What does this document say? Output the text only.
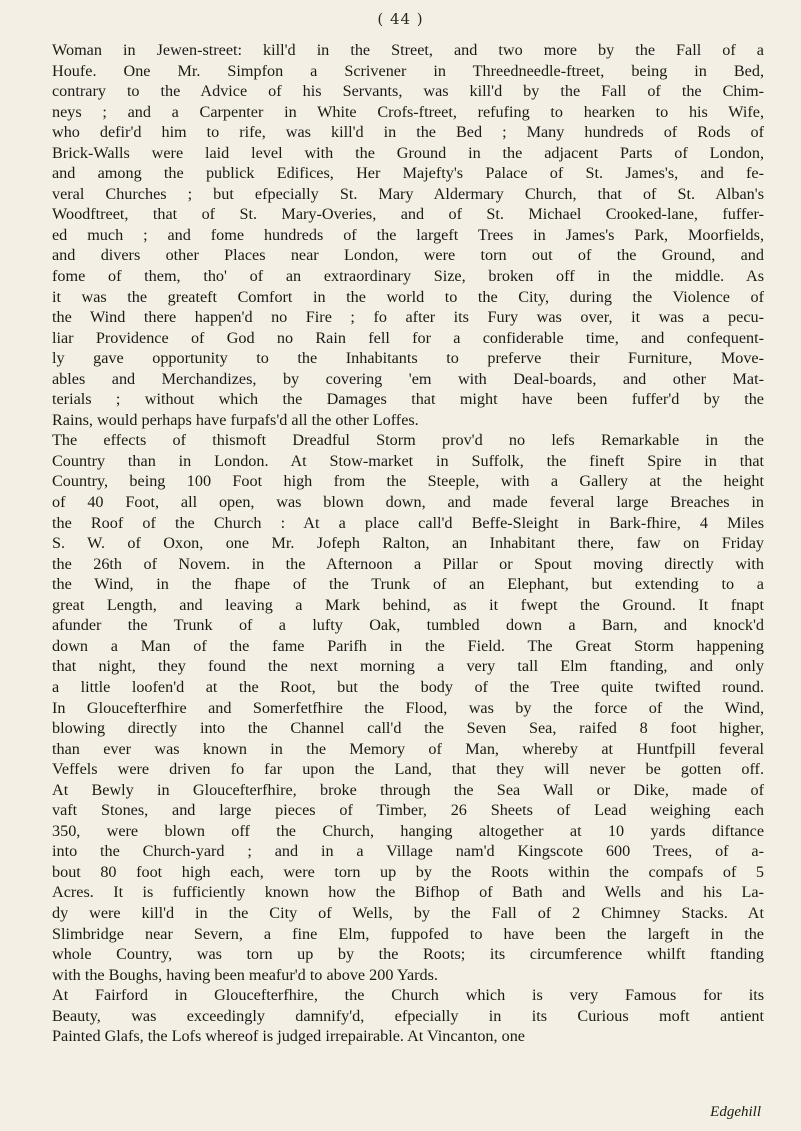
( 44 )
Woman in Jewen-street: kill'd in the Street, and two more by the Fall of a
Houfe. One Mr. Simpfon a Scrivener in Threedneedle-ftreet, being in Bed,
contrary to the Advice of his Servants, was kill'd by the Fall of the Chim-
neys ; and a Carpenter in White Crofs-ftreet, refufing to hearken to his Wife,
who defir'd him to rife, was kill'd in the Bed ; Many hundreds of Rods of
Brick-Walls were laid level with the Ground in the adjacent Parts of London,
and among the publick Edifices, Her Majefty's Palace of St. James's, and fe-
veral Churches ; but efpecially St. Mary Aldermary Church, that of St. Alban's
Woodftreet, that of St. Mary-Overies, and of St. Michael Crooked-lane, fuffer-
ed much ; and fome hundreds of the largeft Trees in James's Park, Moorfields,
and divers other Places near London, were torn out of the Ground, and
fome of them, tho' of an extraordinary Size, broken off in the middle. As
it was the greateft Comfort in the world to the City, during the Violence of
the Wind there happen'd no Fire ; fo after its Fury was over, it was a pecu-
liar Providence of God no Rain fell for a confiderable time, and confequent-
ly gave opportunity to the Inhabitants to preferve their Furniture, Move-
ables and Merchandizes, by covering 'em with Deal-boards, and other Mat-
terials ; without which the Damages that might have been fuffer'd by the
Rains, would perhaps have furpafs'd all the other Loffes.
The effects of thismoft Dreadful Storm prov'd no lefs Remarkable in the
Country than in London. At Stow-market in Suffolk, the fineft Spire in that
Country, being 100 Foot high from the Steeple, with a Gallery at the height
of 40 Foot, all open, was blown down, and made feveral large Breaches in
the Roof of the Church : At a place call'd Beffe-Sleight in Bark-fhire, 4 Miles
S. W. of Oxon, one Mr. Jofeph Ralton, an Inhabitant there, faw on Friday
the 26th of Novem. in the Afternoon a Pillar or Spout moving directly with
the Wind, in the fhape of the Trunk of an Elephant, but extending to a
great Length, and leaving a Mark behind, as it fwept the Ground. It fnapt
afunder the Trunk of a lufty Oak, tumbled down a Barn, and knock'd
down a Man of the fame Parifh in the Field. The Great Storm happening
that night, they found the next morning a very tall Elm ftanding, and only
a little loofen'd at the Root, but the body of the Tree quite twifted round.
In Gloucefterfhire and Somerfetfhire the Flood, was by the force of the Wind,
blowing directly into the Channel call'd the Seven Sea, raifed 8 foot higher,
than ever was known in the Memory of Man, whereby at Huntfpill feveral
Veffels were driven fo far upon the Land, that they will never be gotten off.
At Bewly in Gloucefterfhire, broke through the Sea Wall or Dike, made of
vaft Stones, and large pieces of Timber, 26 Sheets of Lead weighing each
350, were blown off the Church, hanging altogether at 10 yards diftance
into the Church-yard ; and in a Village nam'd Kingscote 600 Trees, of a-
bout 80 foot high each, were torn up by the Roots within the compafs of 5
Acres. It is fufficiently known how the Bifhop of Bath and Wells and his La-
dy were kill'd in the City of Wells, by the Fall of 2 Chimney Stacks. At
Slimbridge near Severn, a fine Elm, fuppofed to have been the largeft in the
whole Country, was torn up by the Roots; its circumference whilft ftanding
with the Boughs, having been meafur'd to above 200 Yards.
At Fairford in Gloucefterfhire, the Church which is very Famous for its
Beauty, was exceedingly damnify'd, efpecially in its Curious moft antient
Painted Glafs, the Lofs whereof is judged irrepairable. At Vincanton, one
Edgehill
